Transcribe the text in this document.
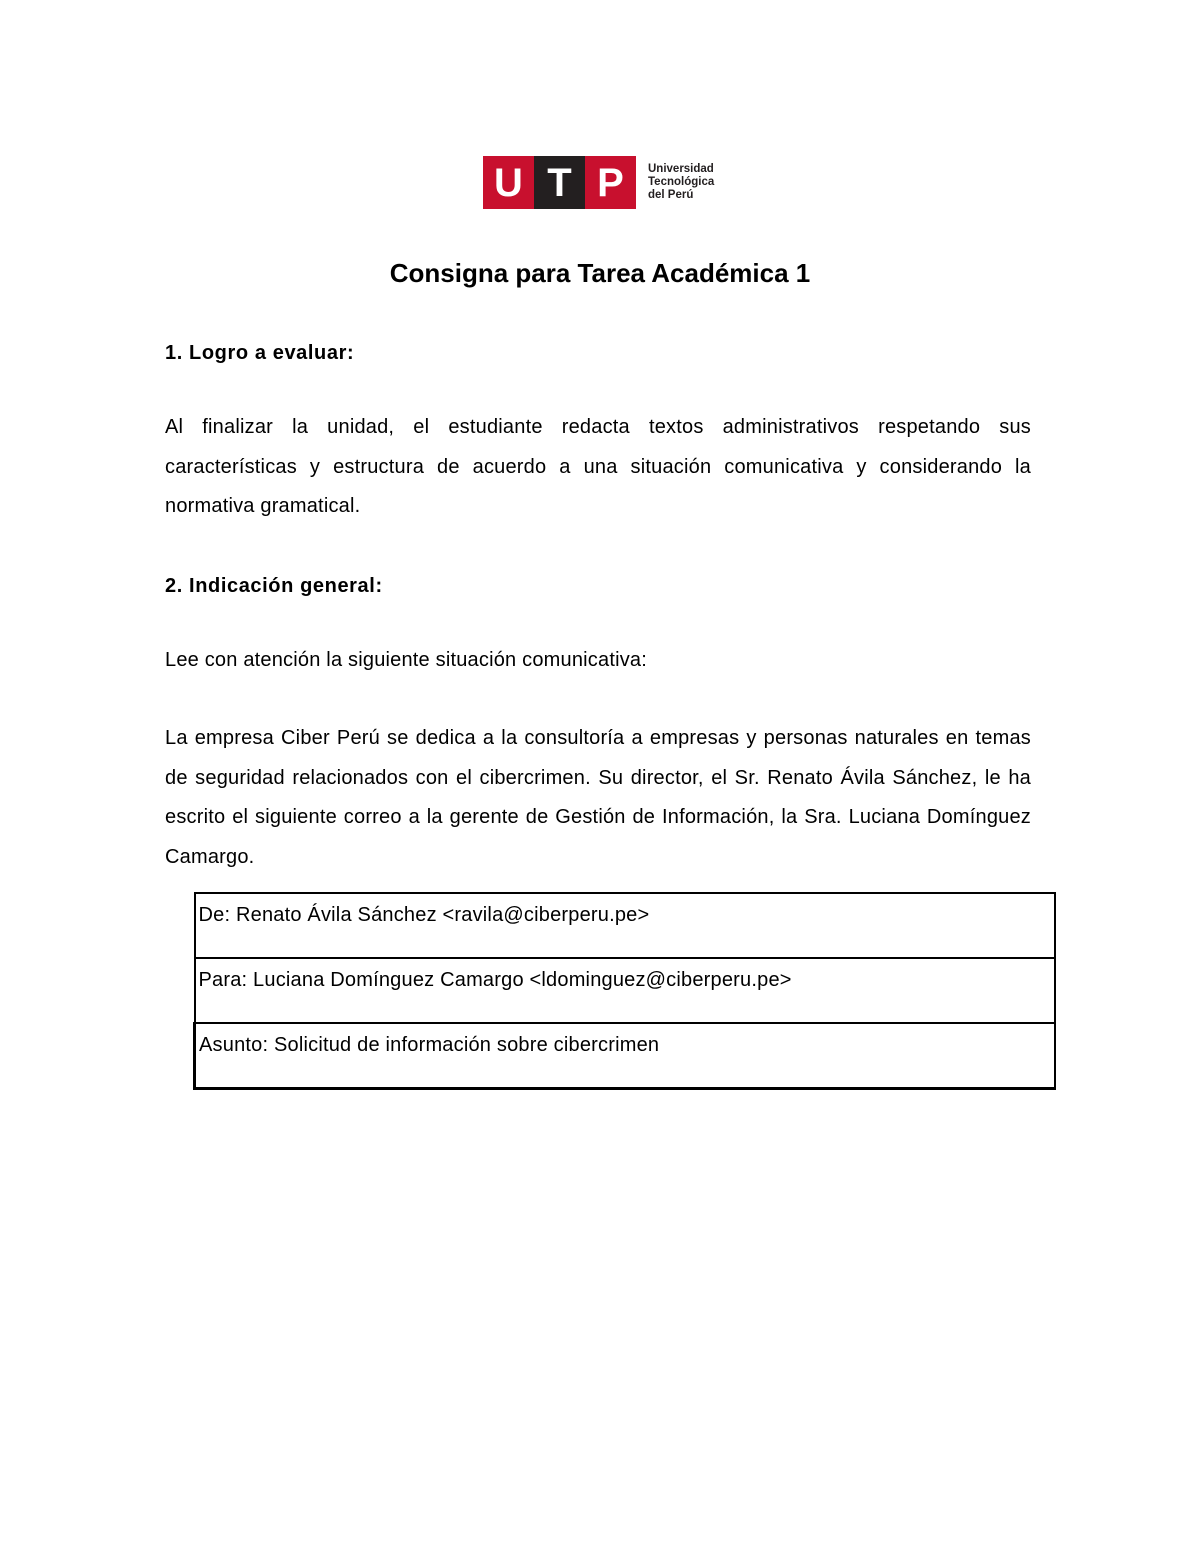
U T P	Universidad
Tecnológica
del Perú
Consigna para Tarea Académica 1
1. Logro a evaluar:
Al finalizar la unidad, el estudiante redacta textos administrativos respetando sus características y estructura de acuerdo a una situación comunicativa y considerando la normativa gramatical.
2. Indicación general:
Lee con atención la siguiente situación comunicativa:
La empresa Ciber Perú se dedica a la consultoría a empresas y personas naturales en temas de seguridad relacionados con el cibercrimen. Su director, el Sr. Renato Ávila Sánchez, le ha escrito el siguiente correo a la gerente de Gestión de Información, la Sra. Luciana Domínguez Camargo.
De: Renato Ávila Sánchez <ravila@ciberperu.pe>
Para: Luciana Domínguez Camargo <ldominguez@ciberperu.pe>
Asunto: Solicitud de información sobre cibercrimen
